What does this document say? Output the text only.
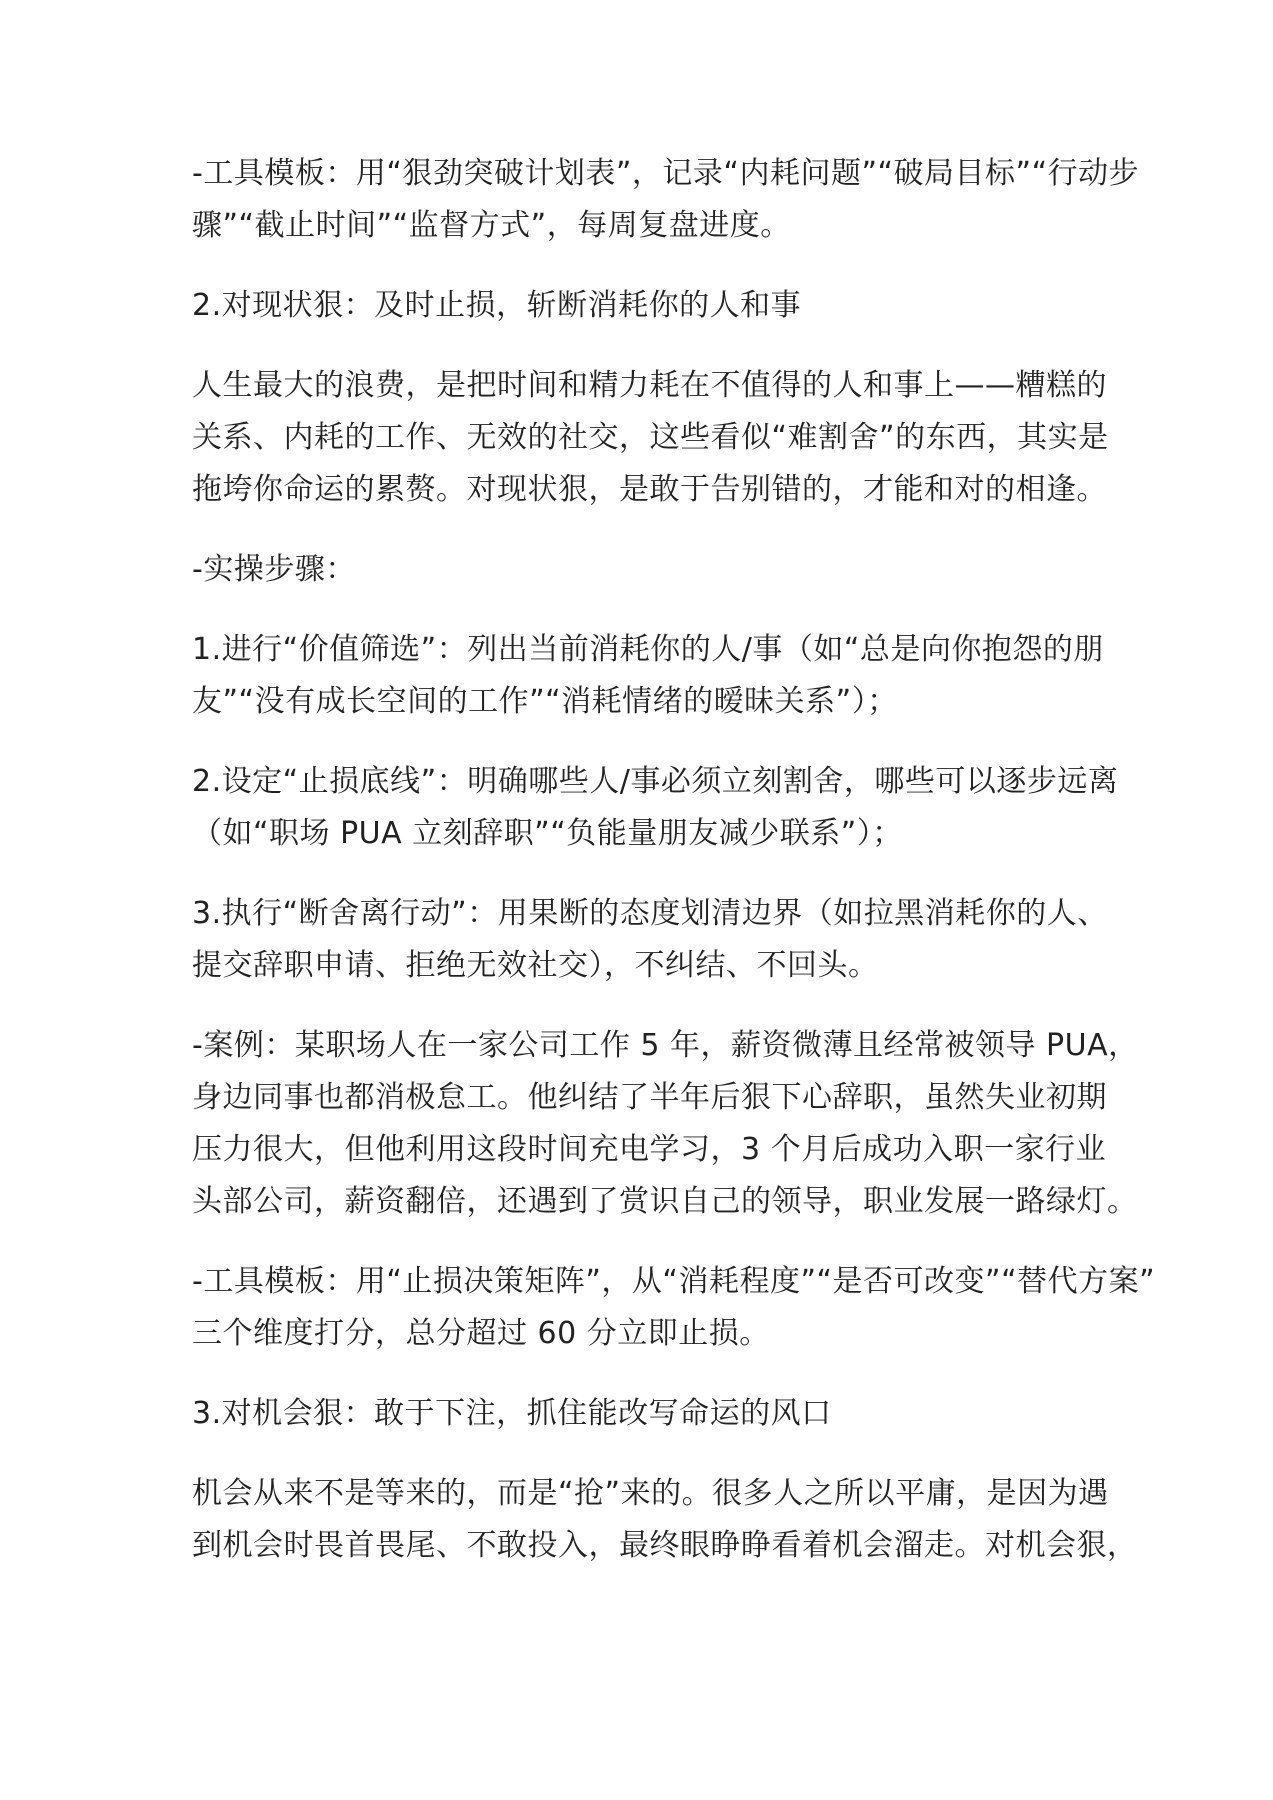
-工具模板：用“狠劲突破计划表”，记录“内耗问题”“破局目标”“行动步
骤”“截止时间”“监督方式”，每周复盘进度。
2.对现状狠：及时止损，斩断消耗你的人和事
人生最大的浪费，是把时间和精力耗在不值得的人和事上——糟糕的
关系、内耗的工作、无效的社交，这些看似“难割舍”的东西，其实是
拖垮你命运的累赘。对现状狠，是敢于告别错的，才能和对的相逢。
-实操步骤：
1.进行“价值筛选”：列出当前消耗你的人/事（如“总是向你抱怨的朋
友”“没有成长空间的工作”“消耗情绪的暧昧关系”）；
2.设定“止损底线”：明确哪些人/事必须立刻割舍，哪些可以逐步远离
（如“职场 PUA 立刻辞职”“负能量朋友减少联系”）；
3.执行“断舍离行动”：用果断的态度划清边界（如拉黑消耗你的人、
提交辞职申请、拒绝无效社交），不纠结、不回头。
-案例：某职场人在一家公司工作 5 年，薪资微薄且经常被领导 PUA，
身边同事也都消极怠工。他纠结了半年后狠下心辞职，虽然失业初期
压力很大，但他利用这段时间充电学习，3 个月后成功入职一家行业
头部公司，薪资翻倍，还遇到了赏识自己的领导，职业发展一路绿灯。
-工具模板：用“止损决策矩阵”，从“消耗程度”“是否可改变”“替代方案”
三个维度打分，总分超过 60 分立即止损。
3.对机会狠：敢于下注，抓住能改写命运的风口
机会从来不是等来的，而是“抢”来的。很多人之所以平庸，是因为遇
到机会时畏首畏尾、不敢投入，最终眼睁睁看着机会溜走。对机会狠，
